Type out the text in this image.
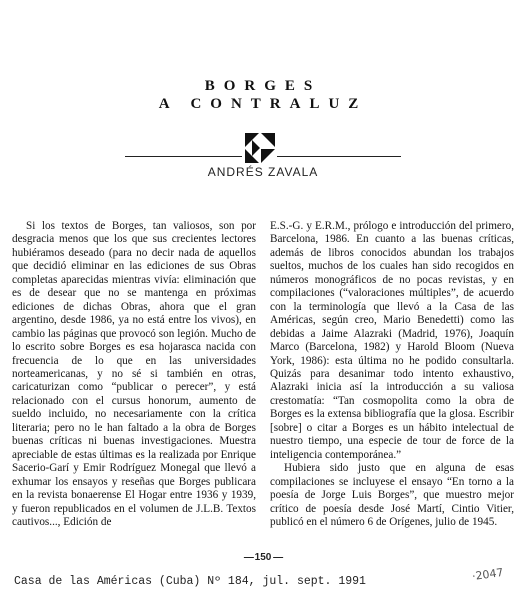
BORGES
A CONTRALUZ
ANDRÉS ZAVALA

Si los textos de Borges, tan valiosos, son por desgracia menos que los que sus crecientes lectores hubiéramos deseado (para no decir nada de aquellos que decidió eliminar en las ediciones de sus Obras completas aparecidas mientras vivía: eliminación que es de desear que no se mantenga en próximas ediciones de dichas Obras, ahora que el gran argentino, desde 1986, ya no está entre los vivos), en cambio las páginas que provocó son legión. Mucho de lo escrito sobre Borges es esa hojarasca nacida con frecuencia de lo que en las universidades norteamericanas, y no sé si también en otras, caricaturizan como “publicar o perecer”, y está relacionado con el cursus honorum, aumento de sueldo incluido, no necesariamente con la crítica literaria; pero no le han faltado a la obra de Borges buenas críticas ni buenas investigaciones. Muestra apreciable de estas últimas es la realizada por Enrique Sacerio-Garí y Emir Rodríguez Monegal que llevó a exhumar los ensayos y reseñas que Borges publicara en la revista bonaerense El Hogar entre 1936 y 1939, y fueron republicados en el volumen de J.L.B. Textos cautivos..., Edición de

E.S.-G. y E.R.M., prólogo e introducción del primero, Barcelona, 1986. En cuanto a las buenas críticas, además de libros conocidos abundan los trabajos sueltos, muchos de los cuales han sido recogidos en números monográficos de no pocas revistas, y en compilaciones (“valoraciones múltiples”, de acuerdo con la terminología que llevó a la Casa de las Américas, según creo, Mario Benedetti) como las debidas a Jaime Alazraki (Madrid, 1976), Joaquín Marco (Barcelona, 1982) y Harold Bloom (Nueva York, 1986): esta última no he podido consultarla. Quizás para desanimar todo intento exhaustivo, Alazraki inicia así la introducción a su valiosa crestomatía: “Tan cosmopolita como la obra de Borges es la extensa bibliografía que la glosa. Escribir [sobre] o citar a Borges es un hábito intelectual de nuestro tiempo, una especie de tour de force de la inteligencia contemporánea.”

Hubiera sido justo que en alguna de esas compilaciones se incluyese el ensayo “En torno a la poesía de Jorge Luis Borges”, que muestro mejor crítico de poesía desde José Martí, Cintio Vitier, publicó en el número 6 de Orígenes, julio de 1945.

— 150 —
Casa de las Américas (Cuba) Nº 184, jul. sept. 1991	·2047
